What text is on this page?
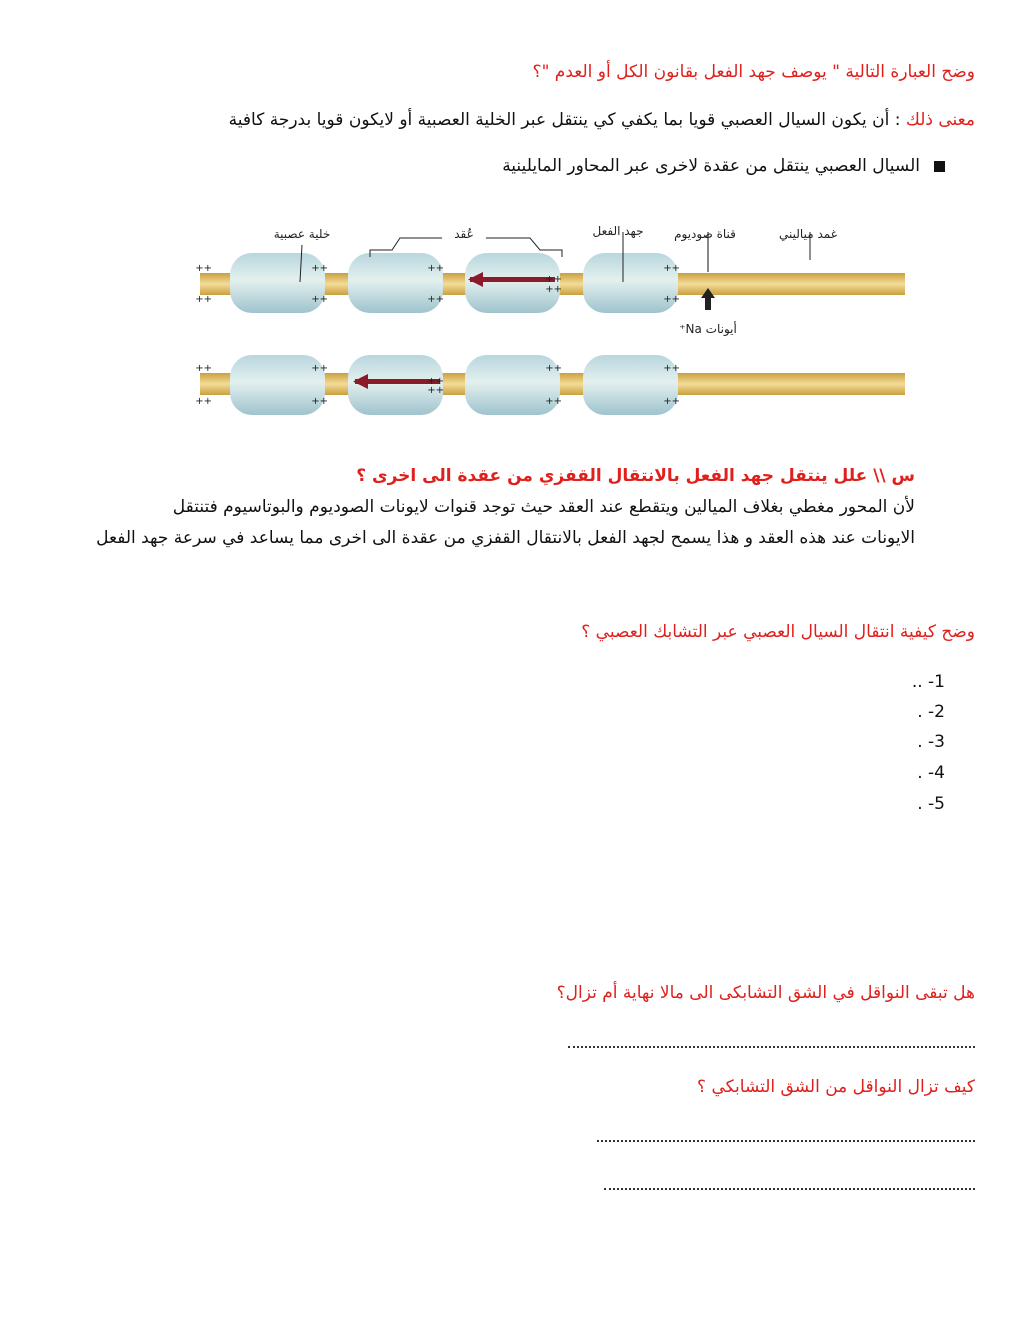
وضح العبارة التالية " يوصف جهد الفعل بقانون الكل أو العدم "؟
معنى ذلك : أن يكون السيال العصبي قويا بما يكفي كي ينتقل عبر الخلية العصبية أو لايكون قويا بدرجة كافية
السيال العصبي ينتقل من عقدة لاخرى عبر المحاور المايلينية
++
++
++
++
++
++
++
++
++
++
++
++
++
++
++
++
++
++
++
++
خلية عصبية	عُقد	جهد الفعل	قناة صوديوم	غمد مياليني
أيونات Na⁺
س \\ علل ينتقل جهد الفعل بالانتقال القفزي من عقدة الى اخرى ؟
لأن المحور مغطي بغلاف الميالين ويتقطع عند العقد حيث توجد قنوات لايونات الصوديوم والبوتاسيوم فتنتقل
الايونات عند هذه العقد و هذا يسمح لجهد الفعل بالانتقال القفزي من عقدة الى اخرى مما يساعد في سرعة جهد الفعل
وضح كيفية انتقال السيال العصبي عبر التشابك العصبي ؟
.. -1
. -2
. -3
. -4
. -5
هل تبقى النواقل في الشق التشابكى الى مالا نهاية أم تزال؟
كيف تزال النواقل من الشق التشابكي ؟
